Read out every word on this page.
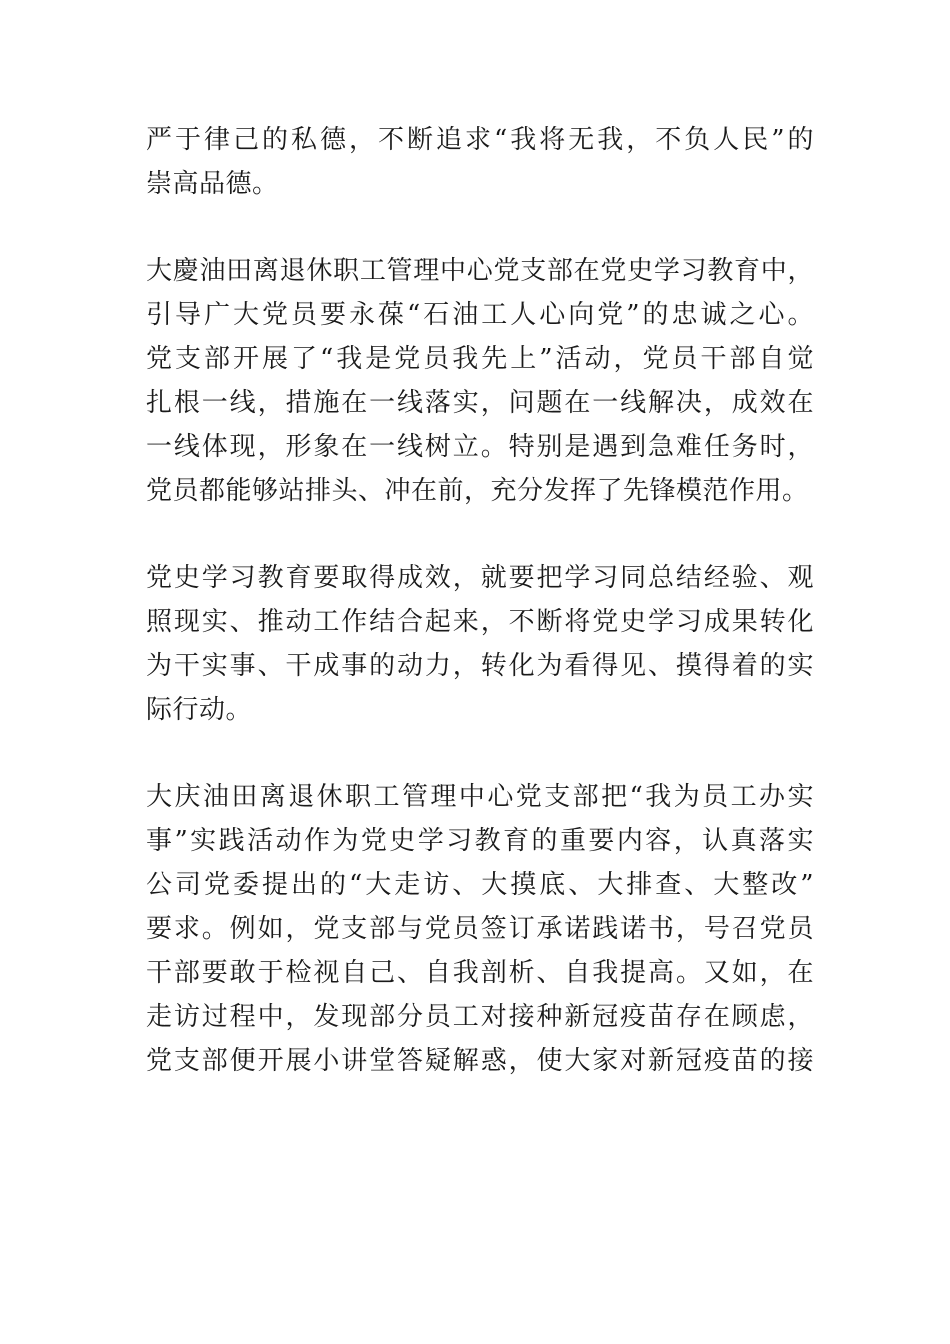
严于律己的私德，不断追求“我将无我，不负人民”的
崇高品德。
大慶油田离退休职工管理中心党支部在党史学习教育中，
引导广大党员要永葆“石油工人心向党”的忠诚之心。
党支部开展了“我是党员我先上”活动，党员干部自觉
扎根一线，措施在一线落实，问题在一线解决，成效在
一线体现，形象在一线树立。特别是遇到急难任务时，
党员都能够站排头、冲在前，充分发挥了先锋模范作用。
党史学习教育要取得成效，就要把学习同总结经验、观
照现实、推动工作结合起来，不断将党史学习成果转化
为干实事、干成事的动力，转化为看得见、摸得着的实
际行动。
大庆油田离退休职工管理中心党支部把“我为员工办实
事”实践活动作为党史学习教育的重要内容，认真落实
公司党委提出的“大走访、大摸底、大排查、大整改”
要求。例如，党支部与党员签订承诺践诺书，号召党员
干部要敢于检视自己、自我剖析、自我提高。又如，在
走访过程中，发现部分员工对接种新冠疫苗存在顾虑，
党支部便开展小讲堂答疑解惑，使大家对新冠疫苗的接
